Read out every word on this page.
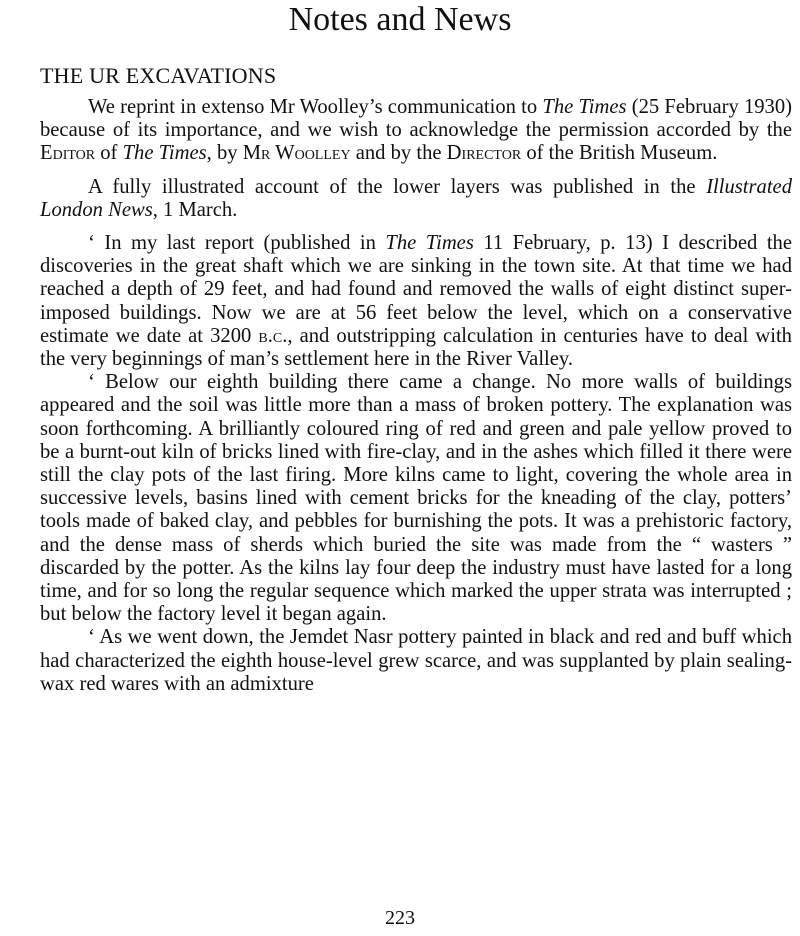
Notes and News
THE UR EXCAVATIONS

We reprint in extenso Mr Woolley’s communication to The Times (25 February 1930) because of its importance, and we wish to acknowledge the permission accorded by the Editor of The Times, by Mr Woolley and by the Director of the British Museum.

A fully illustrated account of the lower layers was published in the Illustrated London News, 1 March.

‘ In my last report (published in The Times 11 February, p. 13) I described the discoveries in the great shaft which we are sinking in the town site. At that time we had reached a depth of 29 feet, and had found and removed the walls of eight distinct super-imposed buildings. Now we are at 56 feet below the level, which on a conservative estimate we date at 3200 b.c., and outstripping calculation in centuries have to deal with the very beginnings of man’s settlement here in the River Valley.

‘ Below our eighth building there came a change. No more walls of buildings appeared and the soil was little more than a mass of broken pottery. The explanation was soon forthcoming. A brilliantly coloured ring of red and green and pale yellow proved to be a burnt-out kiln of bricks lined with fire-clay, and in the ashes which filled it there were still the clay pots of the last firing. More kilns came to light, covering the whole area in successive levels, basins lined with cement bricks for the kneading of the clay, potters’ tools made of baked clay, and pebbles for burnishing the pots. It was a prehistoric factory, and the dense mass of sherds which buried the site was made from the “ wasters ” discarded by the potter. As the kilns lay four deep the industry must have lasted for a long time, and for so long the regular sequence which marked the upper strata was interrupted ; but below the factory level it began again.

‘ As we went down, the Jemdet Nasr pottery painted in black and red and buff which had characterized the eighth house-level grew scarce, and was supplanted by plain sealing-wax red wares with an admixture

223
